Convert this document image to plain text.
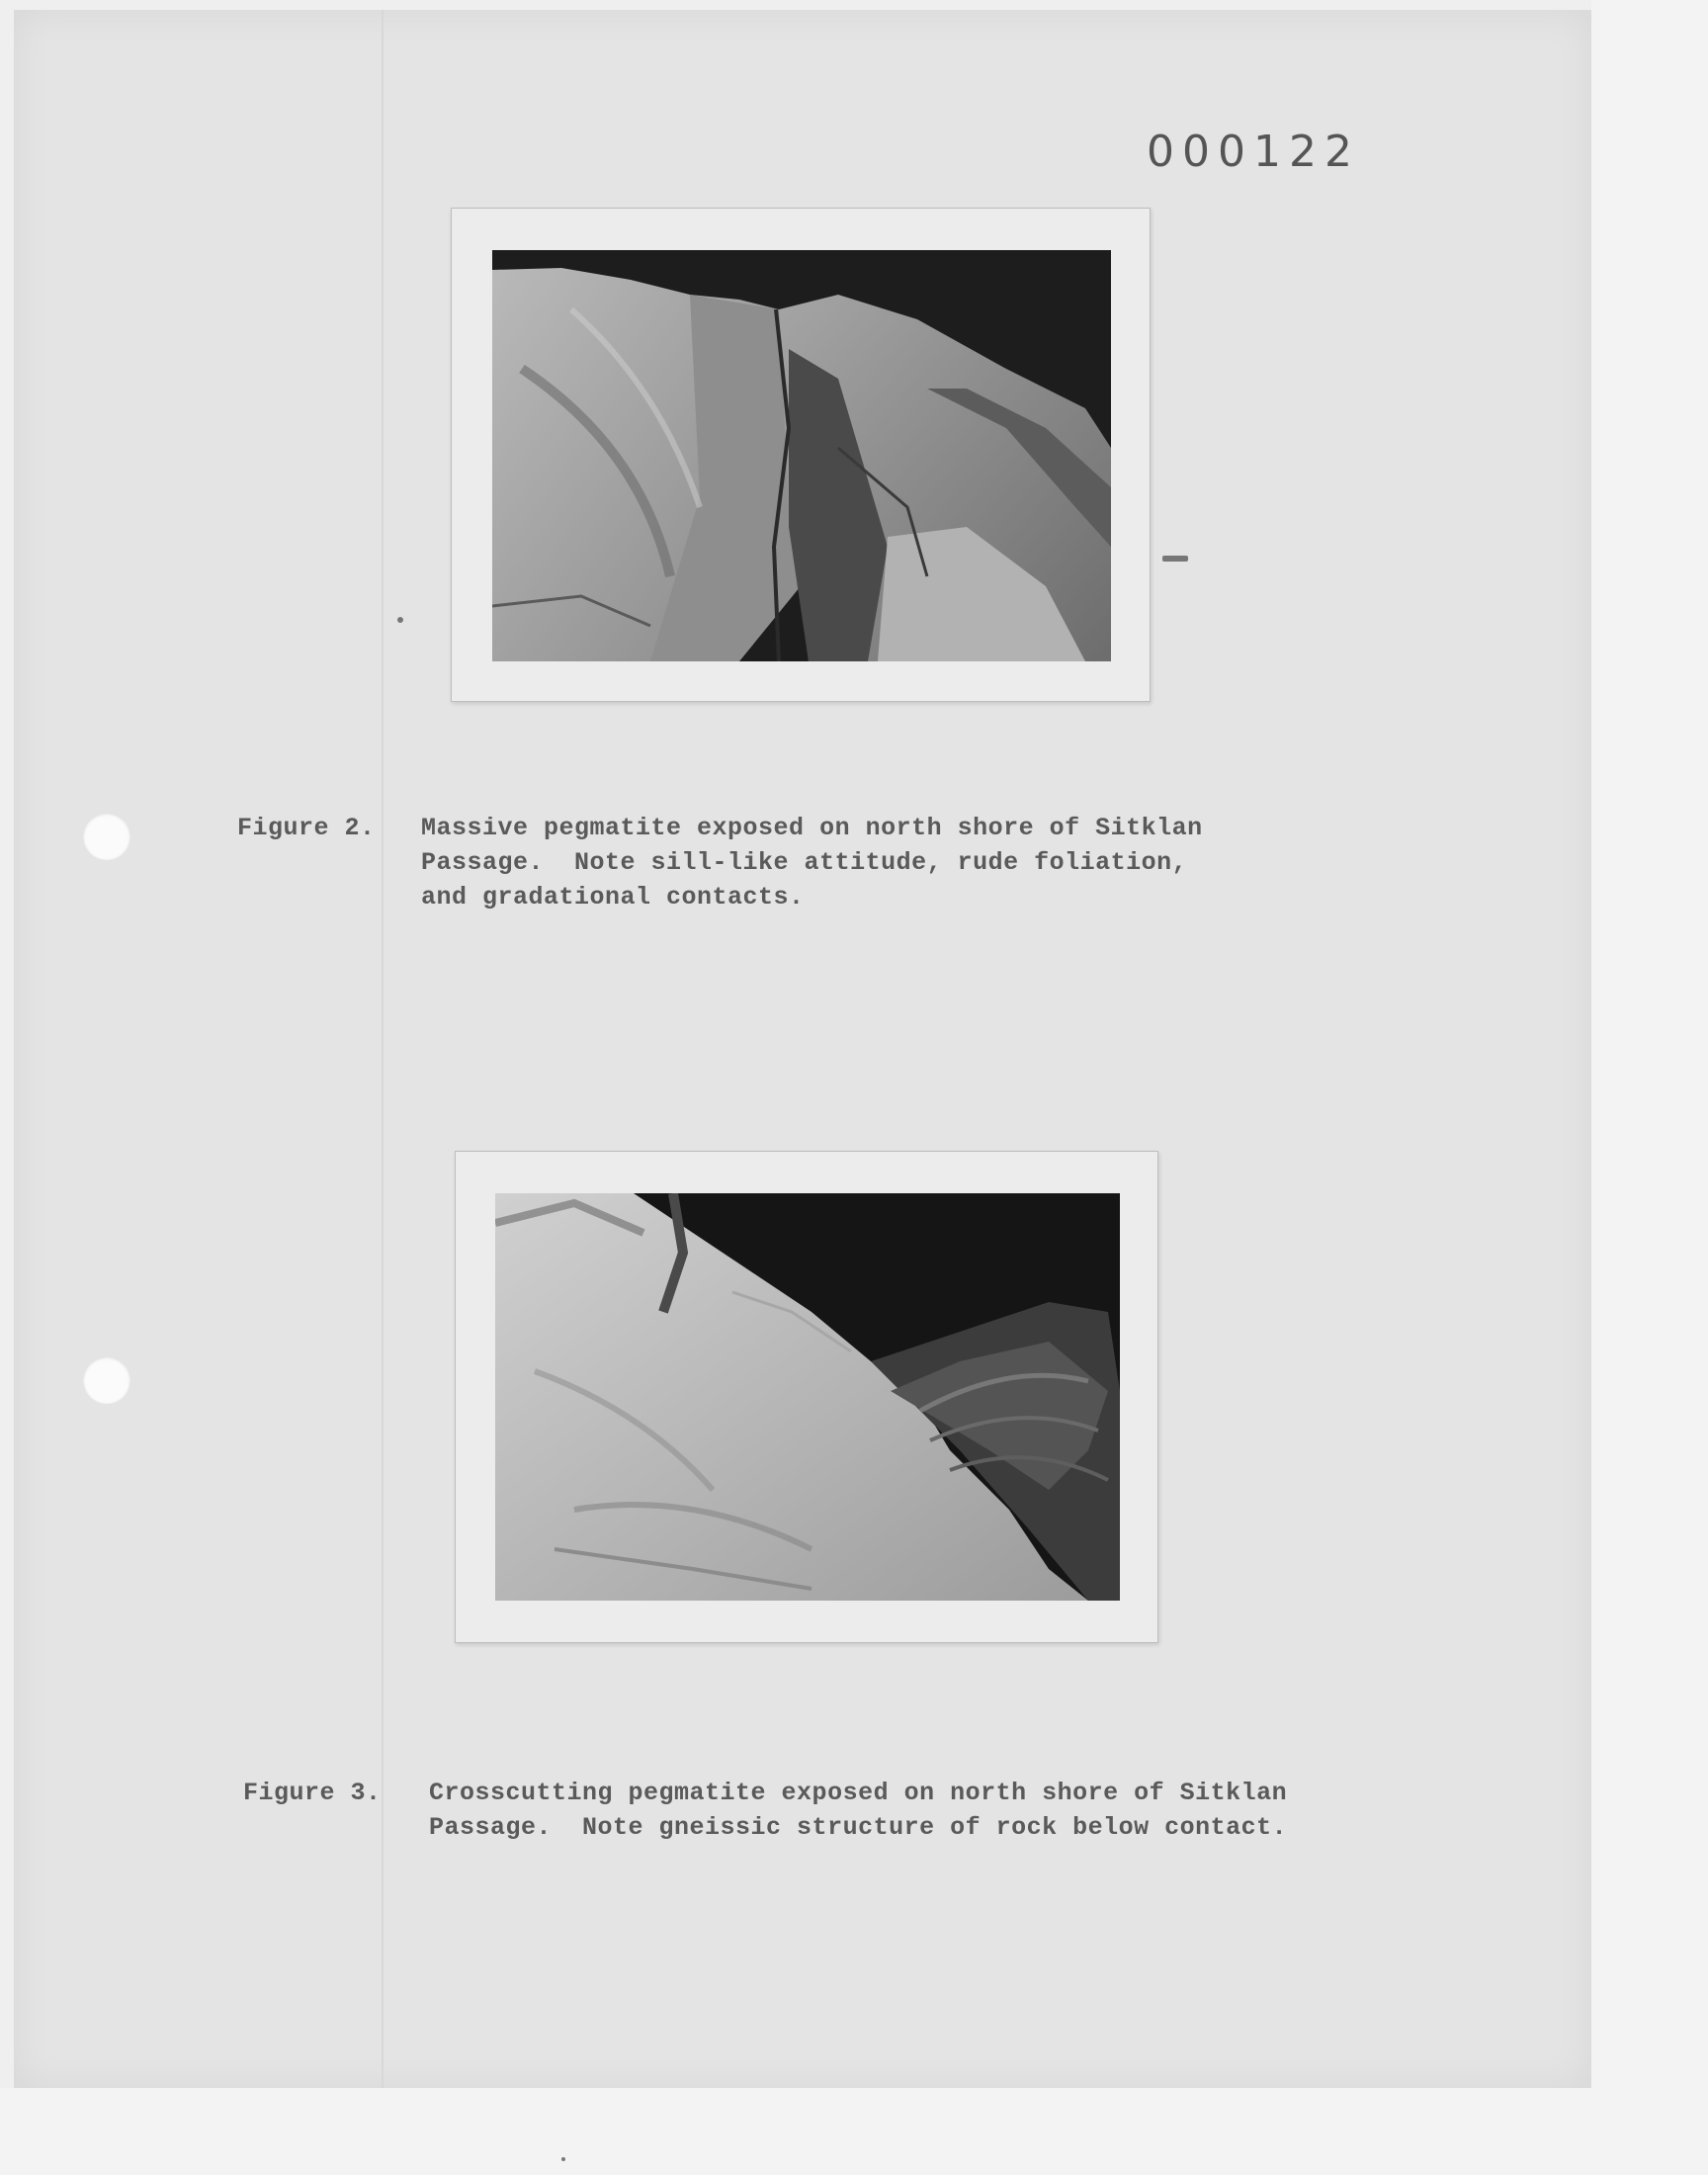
000122
Figure 2. Massive pegmatite exposed on north shore of Sitklan
Passage.  Note sill-like attitude, rude foliation,
and gradational contacts.
Figure 3. Crosscutting pegmatite exposed on north shore of Sitklan
Passage.  Note gneissic structure of rock below contact.
